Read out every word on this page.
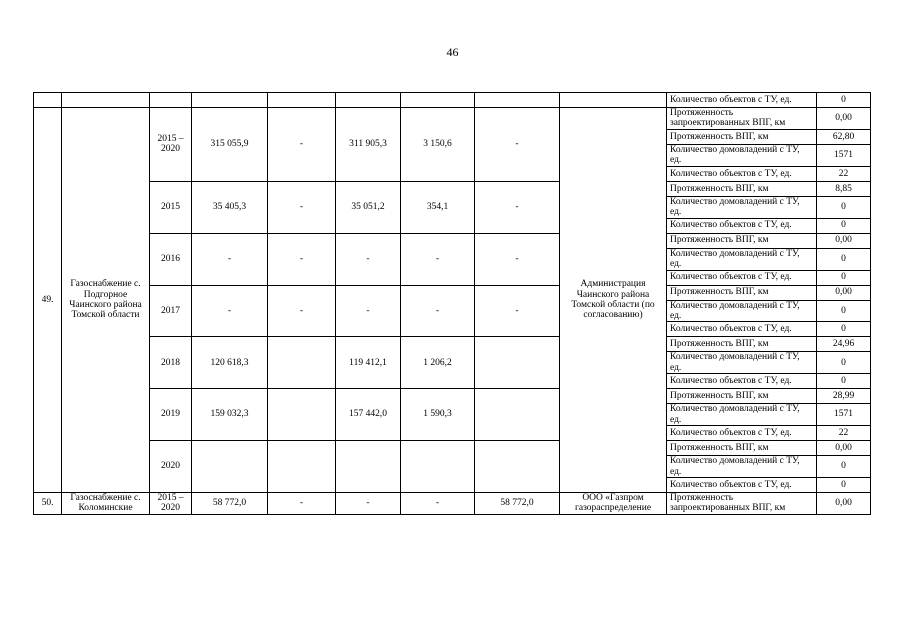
46
									Количество объектов с ТУ, ед.	0
49.	Газоснабжение с. Подгорное Чаинского района Томской области	2015 – 2020	315 055,9	-	311 905,3	3 150,6	-	Администрация Чаинского района Томской области (по согласованию)	Протяженность запроектированных ВПГ, км	0,00
									Протяженность ВПГ, км	62,80
									Количество домовладений с ТУ, ед.	1571
									Количество объектов с ТУ, ед.	22
		2015	35 405,3	-	35 051,2	354,1	-		Протяженность ВПГ, км	8,85
									Количество домовладений с ТУ, ед.	0
									Количество объектов с ТУ, ед.	0
		2016	-	-	-	-	-		Протяженность ВПГ, км	0,00
									Количество домовладений с ТУ, ед.	0
									Количество объектов с ТУ, ед.	0
		2017	-	-	-	-	-		Протяженность ВПГ, км	0,00
									Количество домовладений с ТУ, ед.	0
									Количество объектов с ТУ, ед.	0
		2018	120 618,3		119 412,1	1 206,2			Протяженность ВПГ, км	24,96
									Количество домовладений с ТУ, ед.	0
									Количество объектов с ТУ, ед.	0
		2019	159 032,3		157 442,0	1 590,3			Протяженность ВПГ, км	28,99
									Количество домовладений с ТУ, ед.	1571
									Количество объектов с ТУ, ед.	22
		2020							Протяженность ВПГ, км	0,00
									Количество домовладений с ТУ, ед.	0
									Количество объектов с ТУ, ед.	0
50.	Газоснабжение с. Коломинские	2015 – 2020	58 772,0	-	-	-	58 772,0	ООО «Газпром газораспределение	Протяженность запроектированных ВПГ, км	0,00
